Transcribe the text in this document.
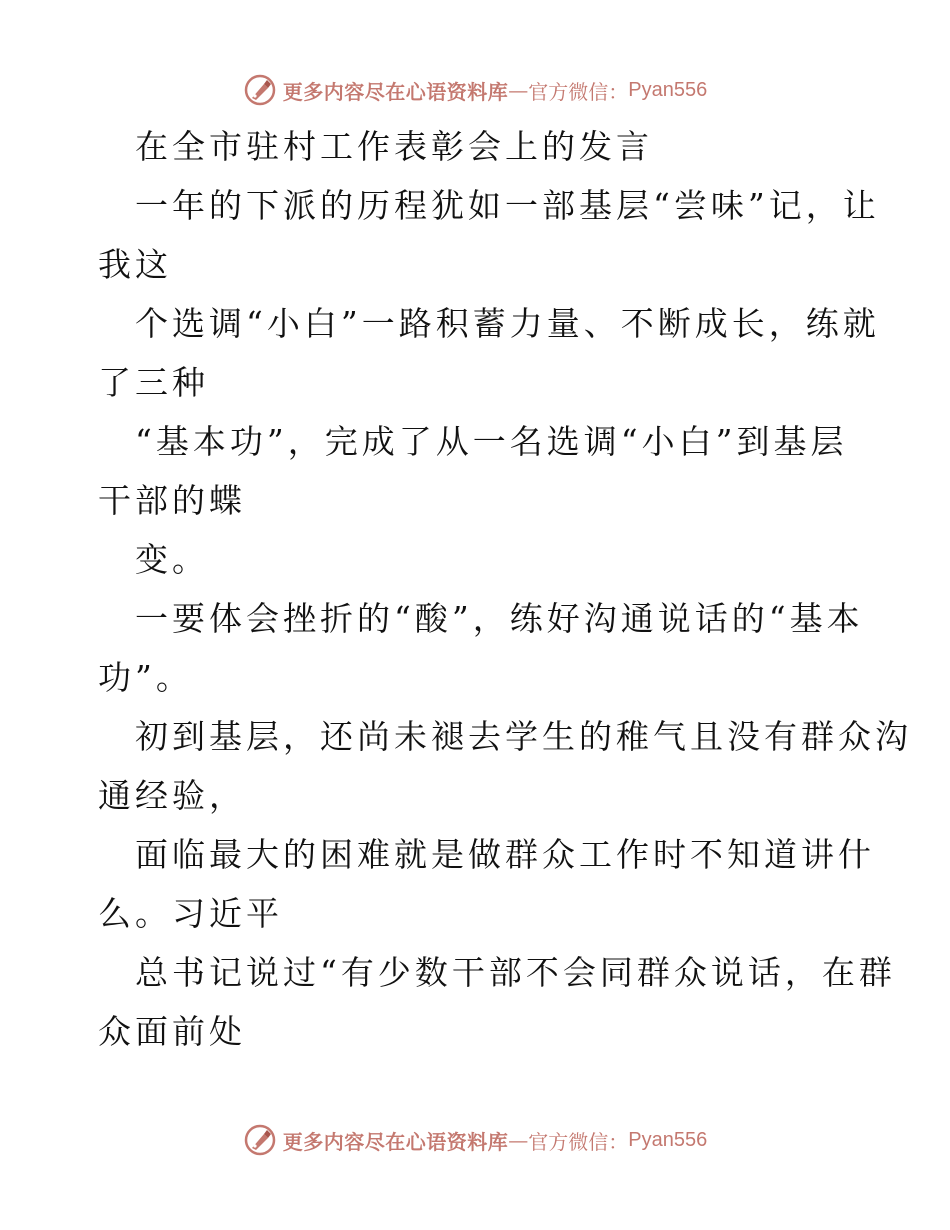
更多内容尽在心语资料库 — 官方微信： Pyan556
在全市驻村工作表彰会上的发言
一年的下派的历程犹如一部基层“尝味”记，让
我这
个选调“小白”一路积蓄力量、不断成长，练就
了三种
“基本功”，完成了从一名选调“小白”到基层
干部的蝶
变。
一要体会挫折的“酸”，练好沟通说话的“基本
功”。
初到基层，还尚未褪去学生的稚气且没有群众沟
通经验，
面临最大的困难就是做群众工作时不知道讲什
么。习近平
总书记说过“有少数干部不会同群众说话，在群
众面前处
更多内容尽在心语资料库 — 官方微信： Pyan556
